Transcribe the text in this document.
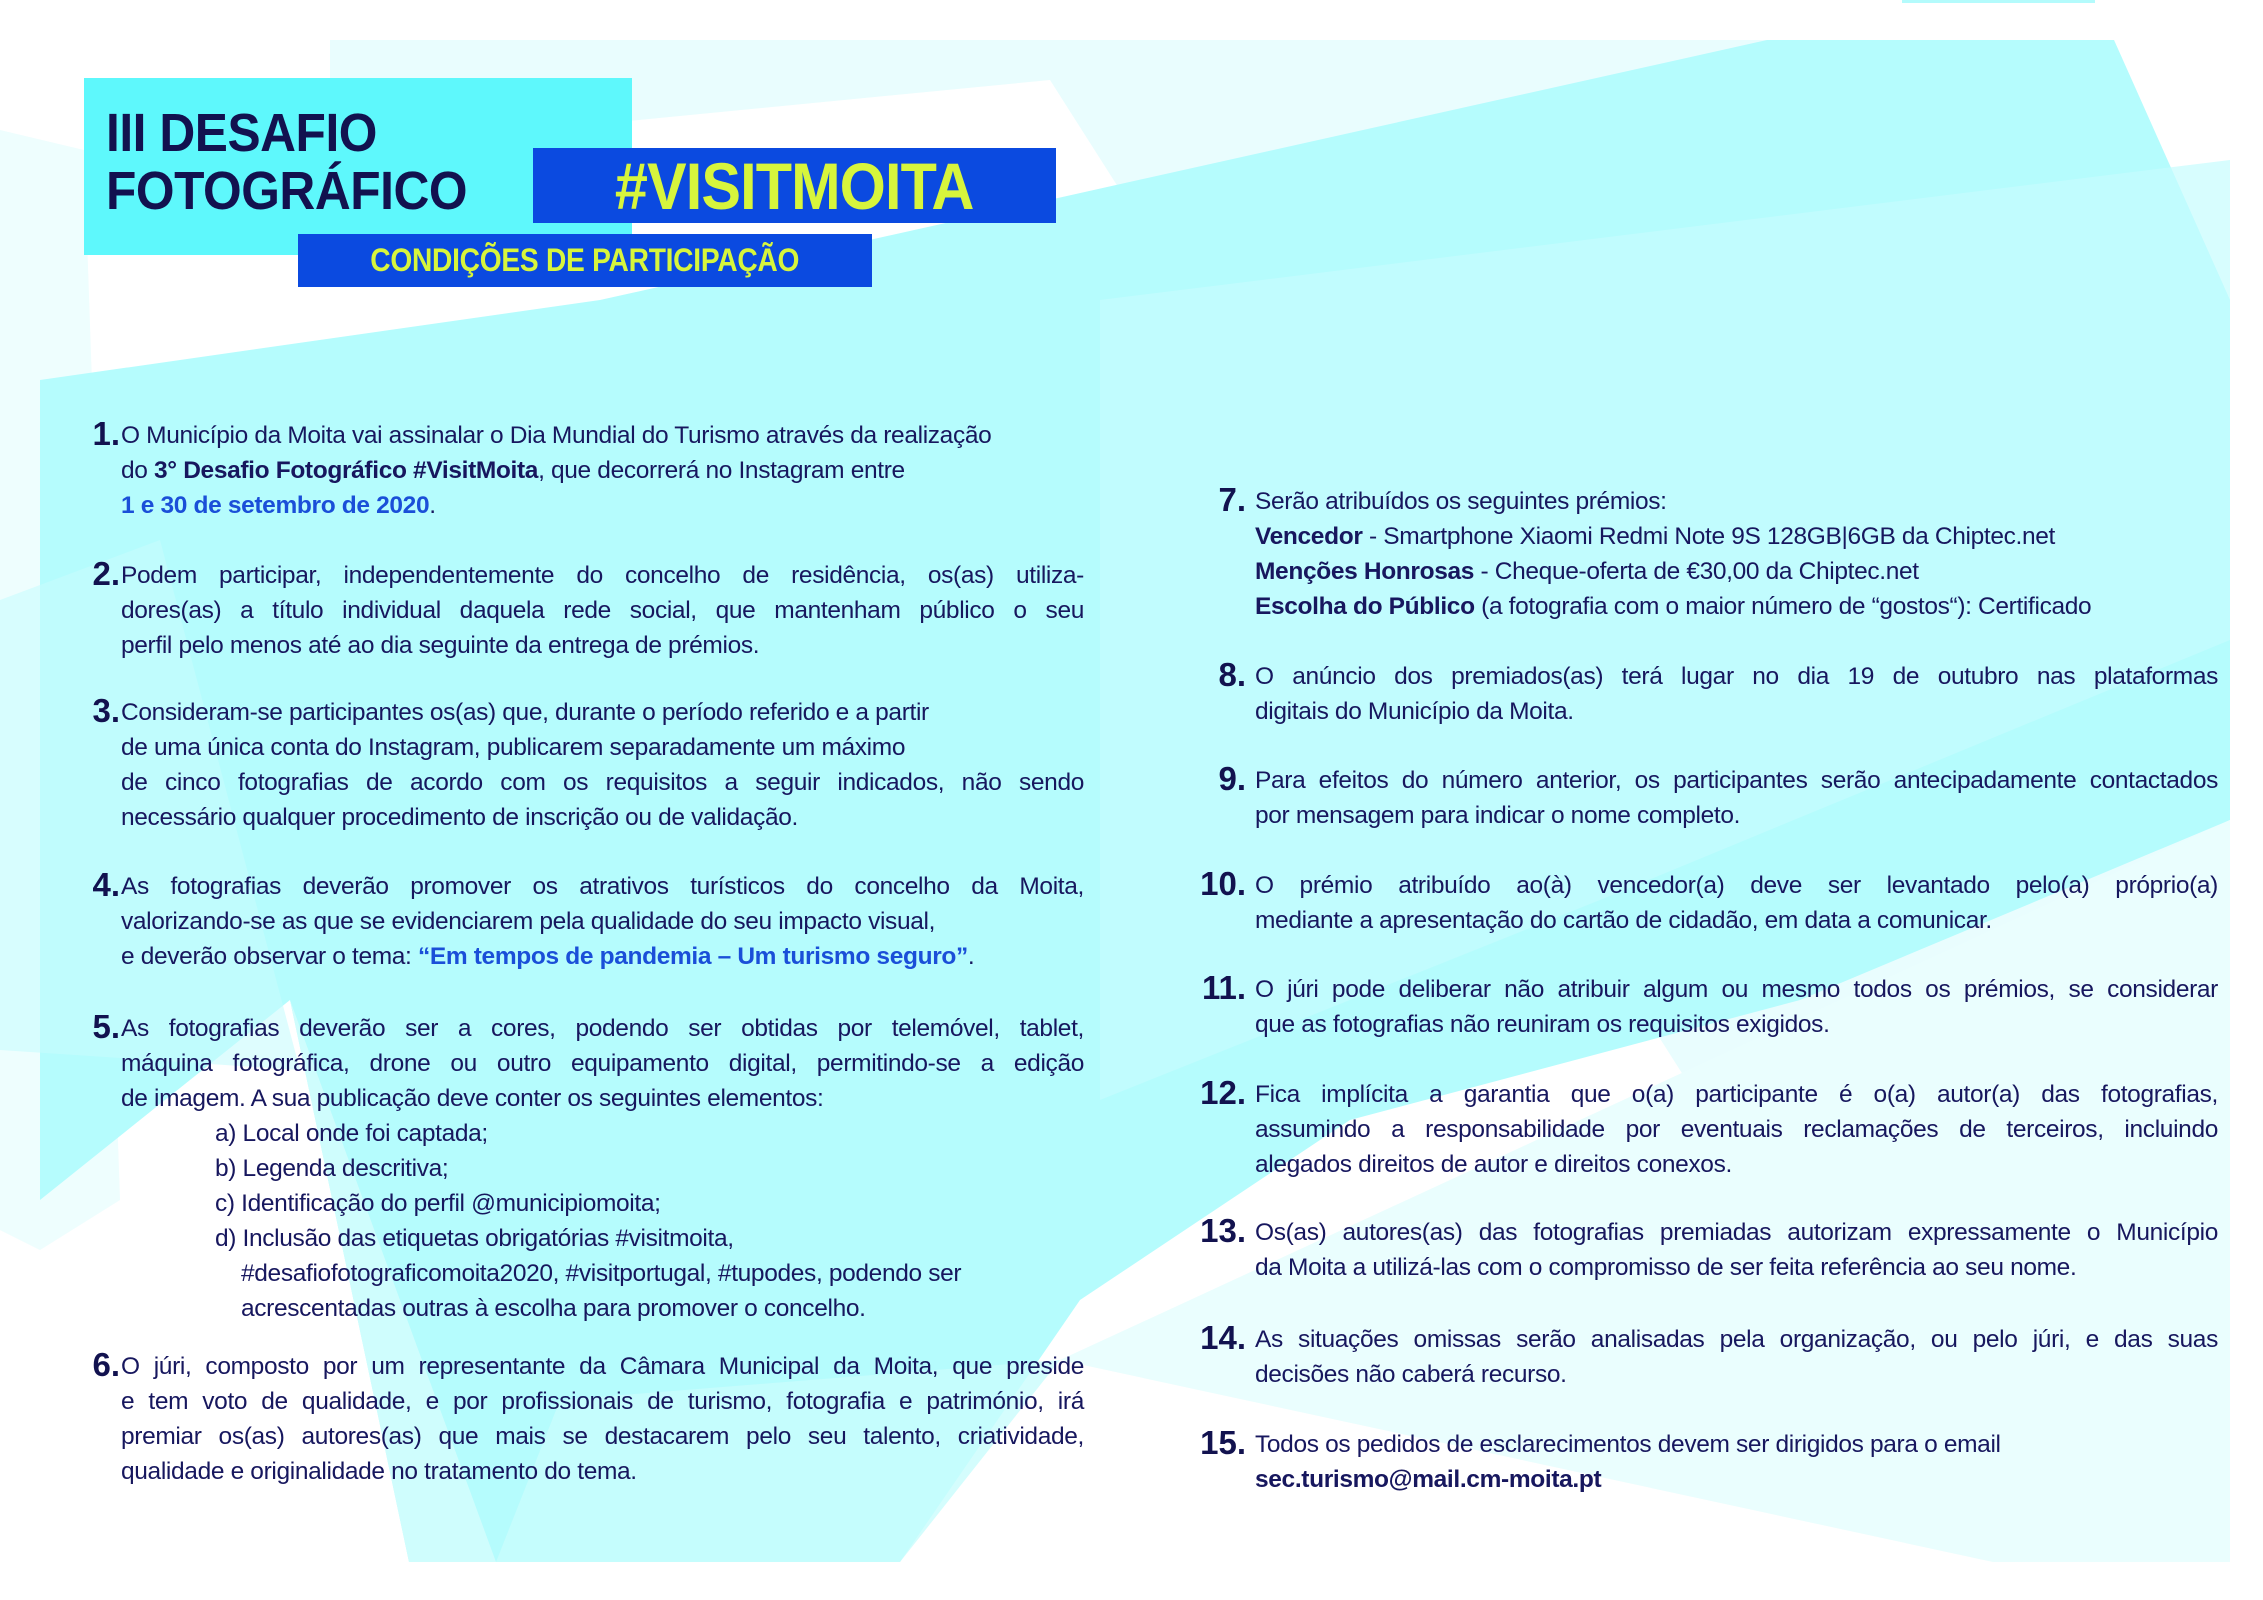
III DESAFIO
FOTOGRÁFICO #VISITMOITA
CONDIÇÕES DE PARTICIPAÇÃO
1. O Município da Moita vai assinalar o Dia Mundial do Turismo através da realização
do 3° Desafio Fotográfico #VisitMoita, que decorrerá no Instagram entre
1 e 30 de setembro de 2020.
2. Podem participar, independentemente do concelho de residência, os(as) utiliza-
dores(as) a título individual daquela rede social, que mantenham público o seu
perfil pelo menos até ao dia seguinte da entrega de prémios.
3. Consideram-se participantes os(as) que, durante o período referido e a partir
de uma única conta do Instagram, publicarem separadamente um máximo
de cinco fotografias de acordo com os requisitos a seguir indicados, não sendo
necessário qualquer procedimento de inscrição ou de validação.
4. As fotografias deverão promover os atrativos turísticos do concelho da Moita,
valorizando-se as que se evidenciarem pela qualidade do seu impacto visual,
e deverão observar o tema: “Em tempos de pandemia – Um turismo seguro”.
5. As fotografias deverão ser a cores, podendo ser obtidas por telemóvel, tablet,
máquina fotográfica, drone ou outro equipamento digital, permitindo-se a edição
de imagem. A sua publicação deve conter os seguintes elementos:
a) Local onde foi captada;
b) Legenda descritiva;
c) Identificação do perfil @municipiomoita;
d) Inclusão das etiquetas obrigatórias #visitmoita,
#desafiofotograficomoita2020, #visitportugal, #tupodes, podendo ser
acrescentadas outras à escolha para promover o concelho.
6. O júri, composto por um representante da Câmara Municipal da Moita, que preside
e tem voto de qualidade, e por profissionais de turismo, fotografia e património, irá
premiar os(as) autores(as) que mais se destacarem pelo seu talento, criatividade,
qualidade e originalidade no tratamento do tema.
7. Serão atribuídos os seguintes prémios:
Vencedor - Smartphone Xiaomi Redmi Note 9S 128GB|6GB da Chiptec.net
Menções Honrosas - Cheque-oferta de €30,00 da Chiptec.net
Escolha do Público (a fotografia com o maior número de “gostos“): Certificado
8. O anúncio dos premiados(as) terá lugar no dia 19 de outubro nas plataformas
digitais do Município da Moita.
9. Para efeitos do número anterior, os participantes serão antecipadamente contactados
por mensagem para indicar o nome completo.
10. O prémio atribuído ao(à) vencedor(a) deve ser levantado pelo(a) próprio(a)
mediante a apresentação do cartão de cidadão, em data a comunicar.
11. O júri pode deliberar não atribuir algum ou mesmo todos os prémios, se considerar
que as fotografias não reuniram os requisitos exigidos.
12. Fica implícita a garantia que o(a) participante é o(a) autor(a) das fotografias,
assumindo a responsabilidade por eventuais reclamações de terceiros, incluindo
alegados direitos de autor e direitos conexos.
13. Os(as) autores(as) das fotografias premiadas autorizam expressamente o Município
da Moita a utilizá-las com o compromisso de ser feita referência ao seu nome.
14. As situações omissas serão analisadas pela organização, ou pelo júri, e das suas
decisões não caberá recurso.
15. Todos os pedidos de esclarecimentos devem ser dirigidos para o email
sec.turismo@mail.cm-moita.pt
